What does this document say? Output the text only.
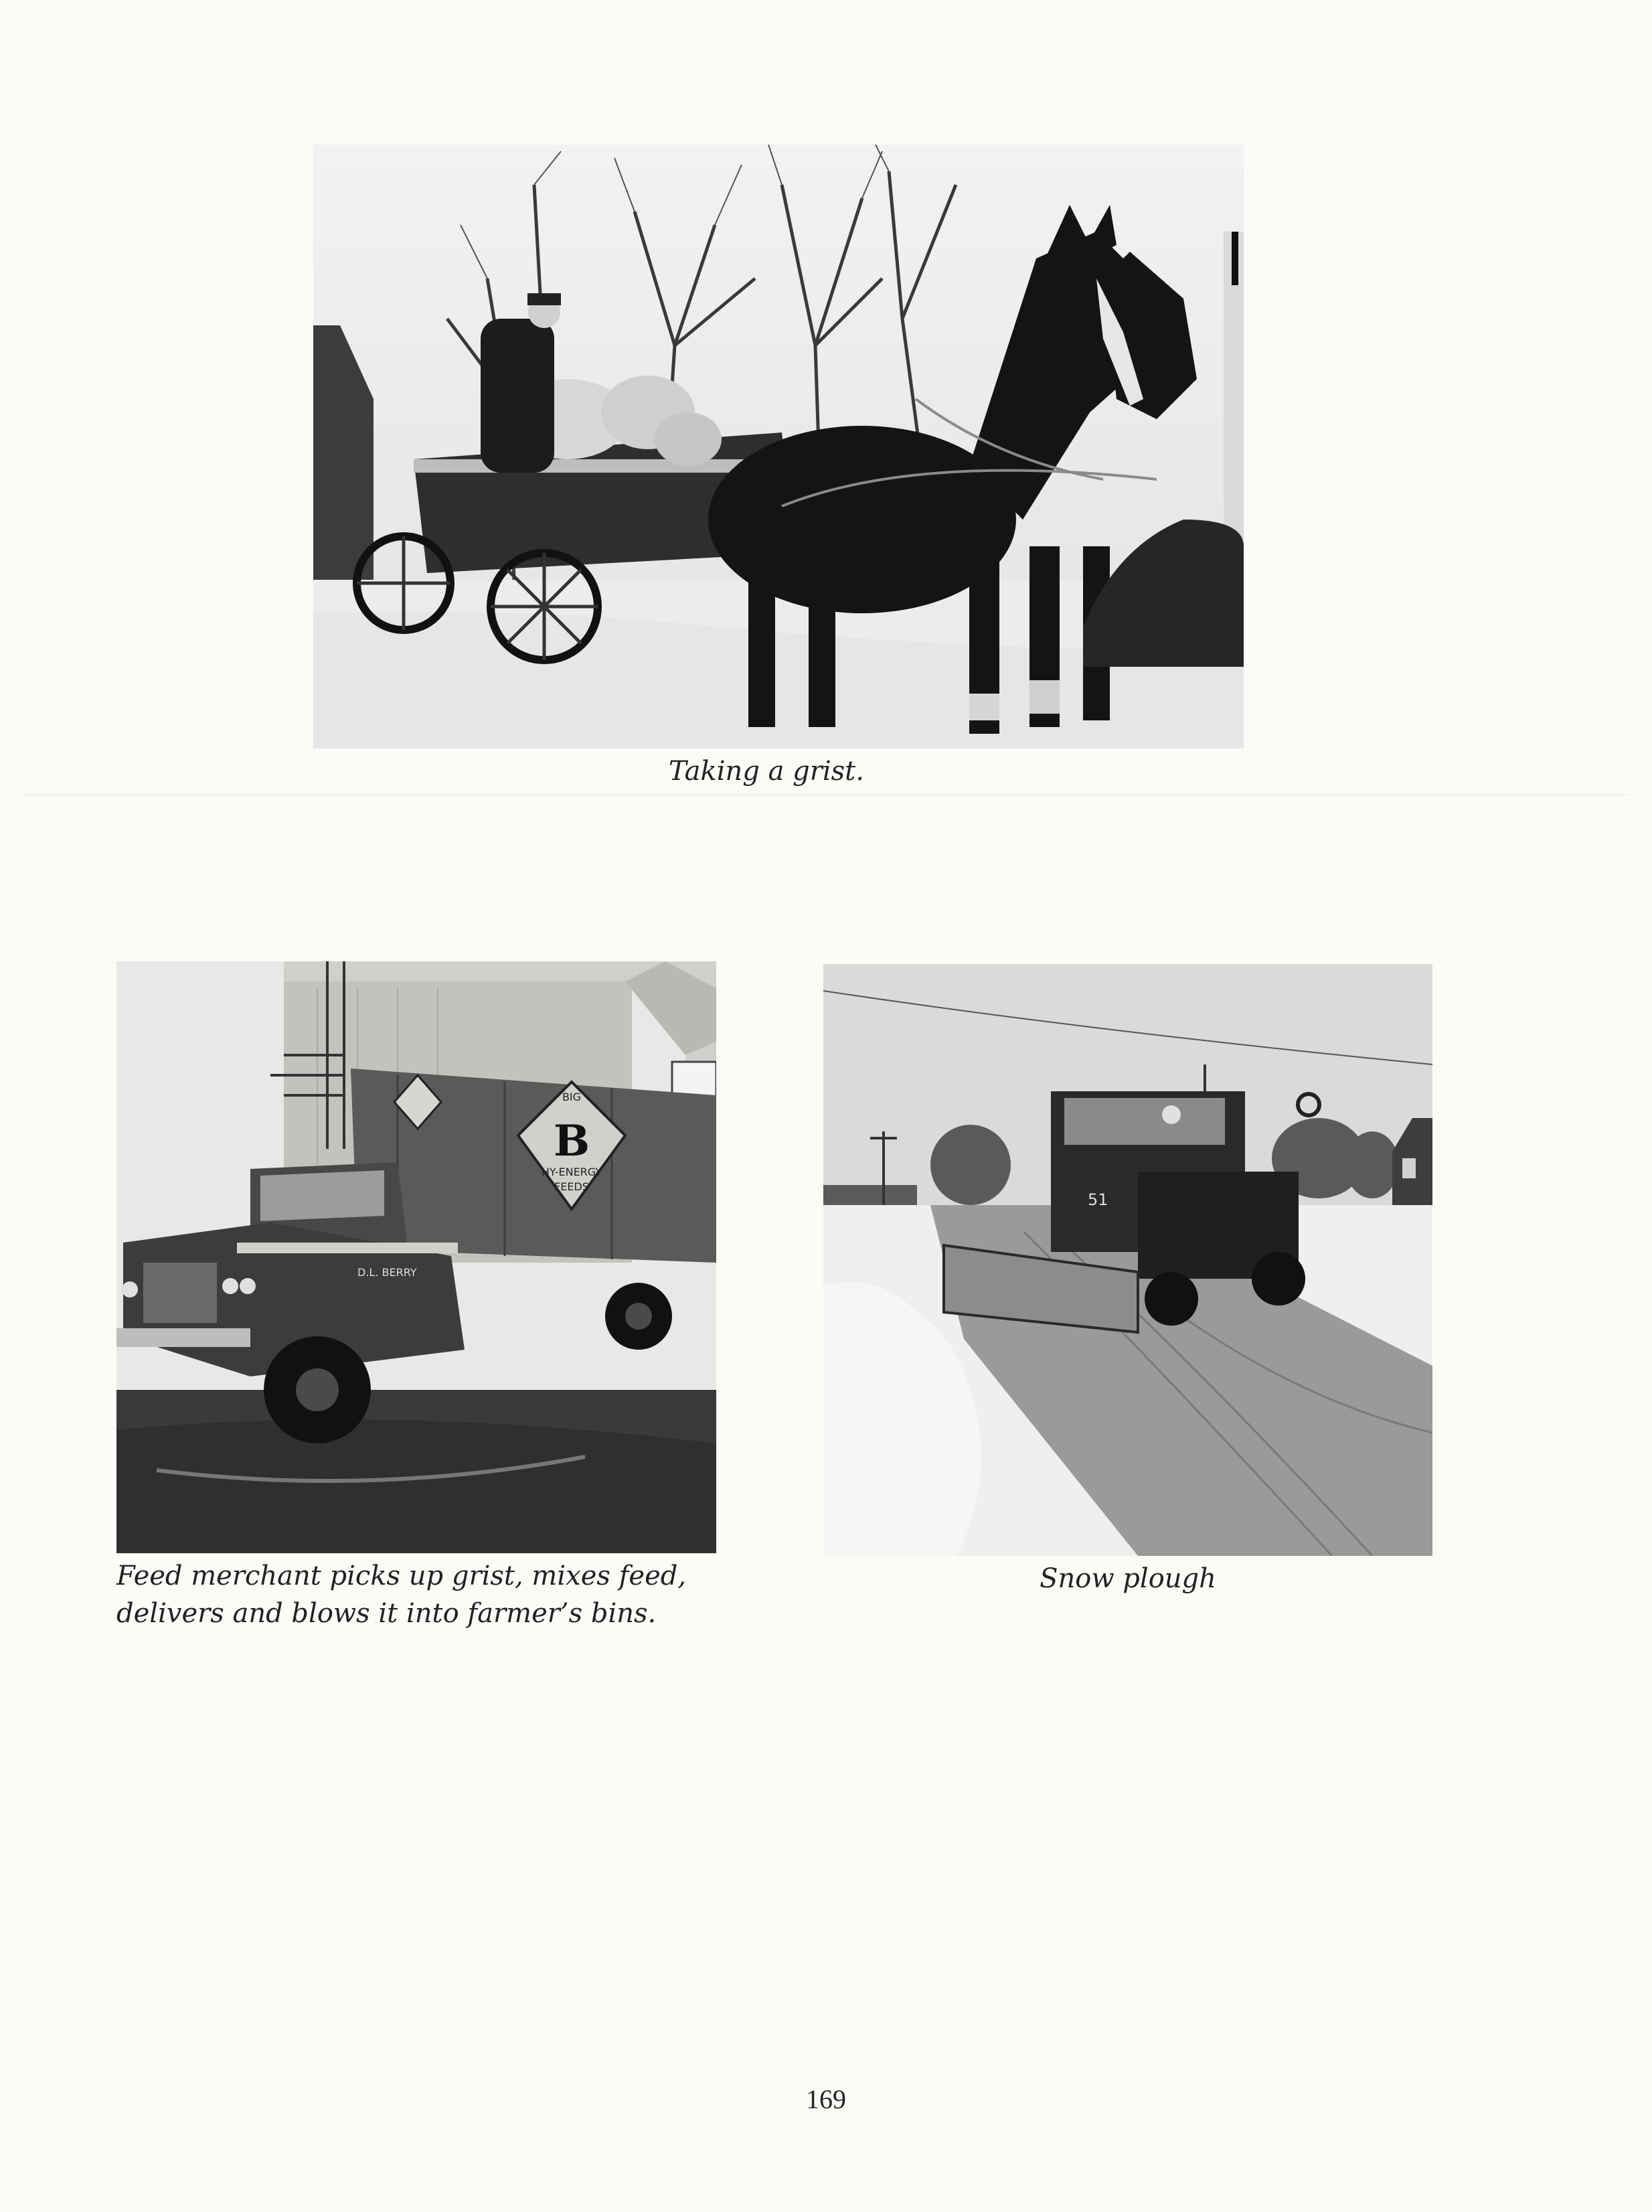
Taking a grist.
BIG
B
HY-ENERGY
FEEDS
D.L. BERRY
Feed merchant picks up grist, mixes feed,
delivers and blows it into farmer’s bins.
51
Snow plough
169
